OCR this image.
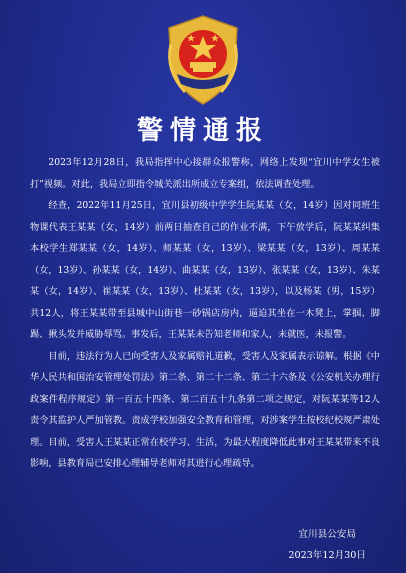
警情通报

2023年12月28日，我局指挥中心接群众报警称，网络上发现“宜川中学女生被打”视频。对此，我局立即指令城关派出所成立专案组，依法调查处理。

经查，2022年11月25日，宜川县初级中学学生阮某某（女，14岁）因对同班生物课代表王某某（女，14岁）前两日抽查自己的作业不满，下午放学后，阮某某纠集本校学生郑某某（女，14岁）、师某某（女，13岁）、梁某某（女，13岁）、周某某（女，13岁）、孙某某（女，14岁）、曲某某（女，13岁）、张某某（女，13岁）、朱某某（女，14岁）、崔某某（女，13岁）、杜某某（女，13岁），以及杨某（男，15岁）共12人，将王某某带至县城中山街巷一砂锅店房内，逼迫其坐在一木凳上，掌掴、脚踢、揪头发并威胁辱骂。事发后，王某某未告知老师和家人，未就医，未报警。

目前，违法行为人已向受害人及家属赔礼道歉，受害人及家属表示谅解。根据《中华人民共和国治安管理处罚法》第二条、第二十二条、第二十六条及《公安机关办理行政案件程序规定》第一百五十四条、第二百五十九条第二项之规定，对阮某某等12人责令其监护人严加管教。责成学校加强安全教育和管理，对涉案学生按校纪校规严肃处理。目前，受害人王某某正常在校学习、生活，为最大程度降低此事对王某某带来不良影响，县教育局已安排心理辅导老师对其进行心理疏导。

宜川县公安局
2023年12月30日
